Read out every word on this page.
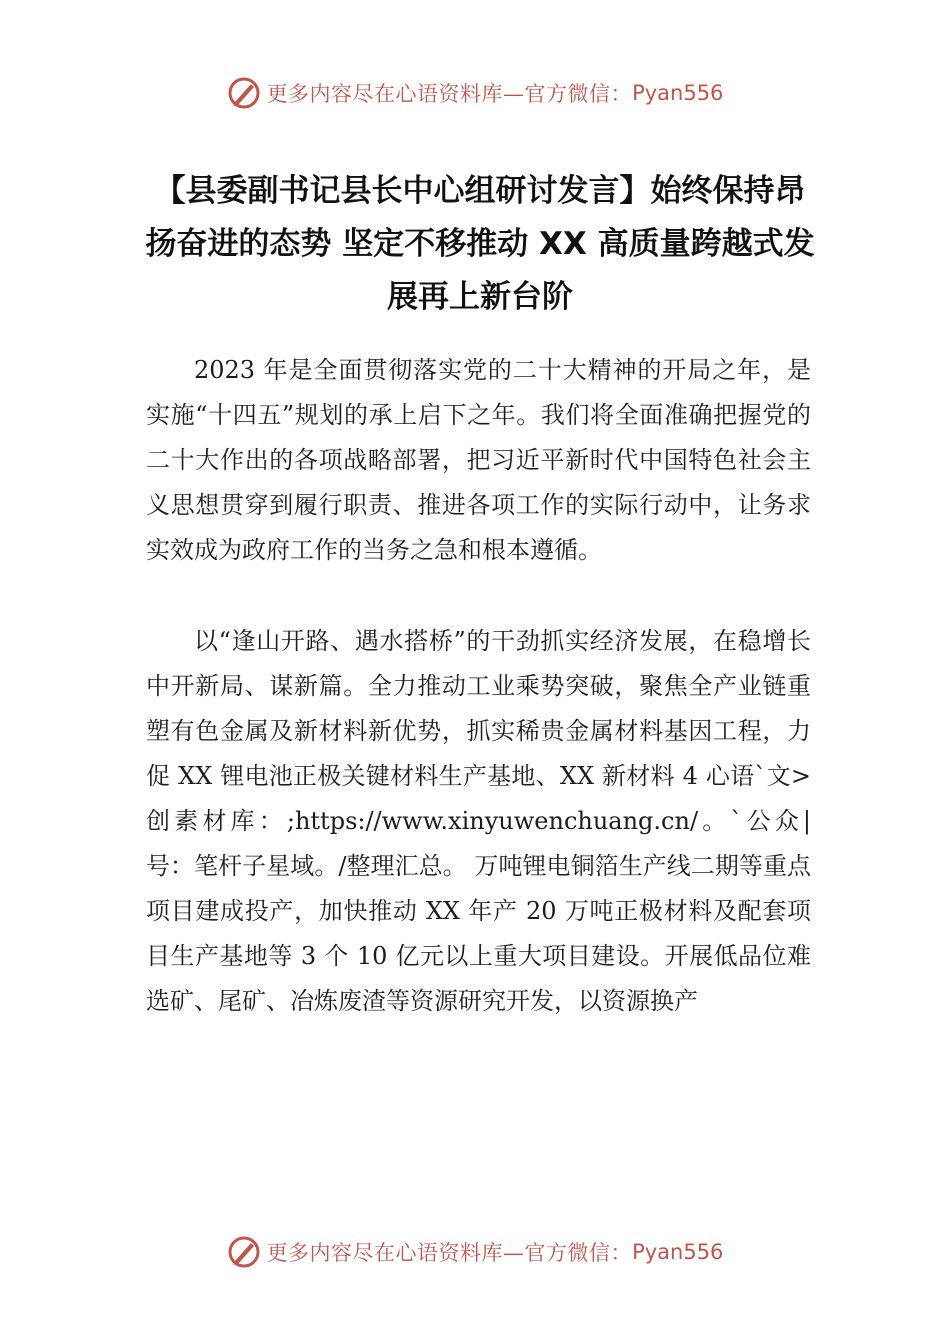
更多内容尽在心语资料库—官方微信： Pyan556
【县委副书记县长中心组研讨发言】始终保持昂扬奋进的态势 坚定不移推动 XX 高质量跨越式发展再上新台阶

2023 年是全面贯彻落实党的二十大精神的开局之年，是实施“十四五”规划的承上启下之年。我们将全面准确把握党的二十大作出的各项战略部署，把习近平新时代中国特色社会主义思想贯穿到履行职责、推进各项工作的实际行动中，让务求实效成为政府工作的当务之急和根本遵循。

以“逢山开路、遇水搭桥”的干劲抓实经济发展，在稳增长中开新局、谋新篇。全力推动工业乘势突破，聚焦全产业链重塑有色金属及新材料新优势，抓实稀贵金属材料基因工程，力促 XX 锂电池正极关键材料生产基地、XX 新材料 4 心语`文>创素材库：;https://www.xinyuwenchuang.cn/。`公众|号：笔杆子星域。/整理汇总。 万吨锂电铜箔生产线二期等重点项目建成投产，加快推动 XX 年产 20 万吨正极材料及配套项目生产基地等 3 个 10 亿元以上重大项目建设。开展低品位难选矿、尾矿、冶炼废渣等资源研究开发，以资源换产

更多内容尽在心语资料库—官方微信： Pyan556
